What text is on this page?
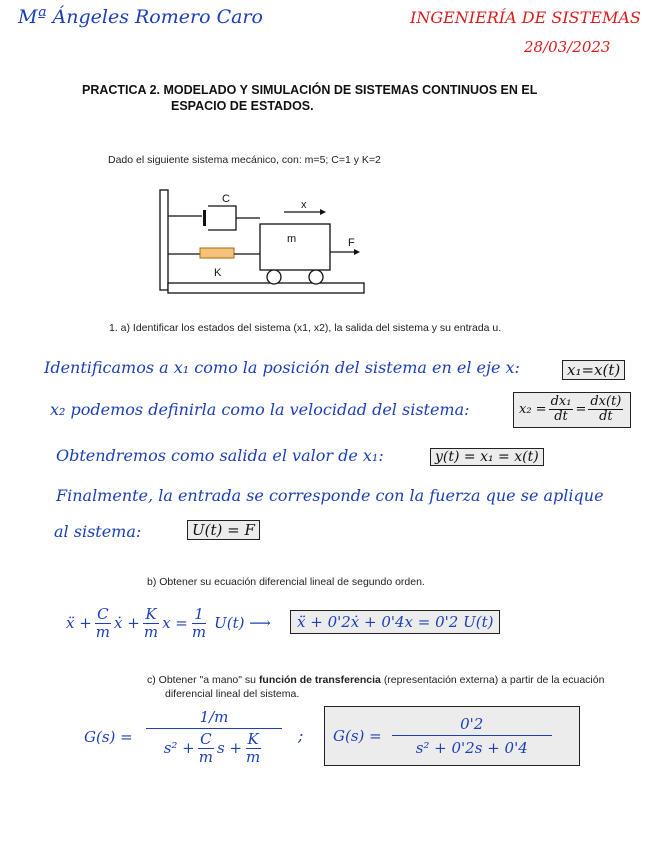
Mª Ángeles Romero Caro	INGENIERÍA DE SISTEMAS
28/03/2023
PRACTICA 2. MODELADO Y SIMULACIÓN DE SISTEMAS CONTINUOS EN EL
ESPACIO DE ESTADOS.
Dado el siguiente sistema mecánico, con: m=5; C=1 y K=2
C	x
m	F
K
1. a) Identificar los estados del sistema (x1, x2), la salida del sistema y su entrada u.
Identificamos a x₁ como la posición del sistema en el eje x:	x₁=x(t)
x₂ podemos definirla como la velocidad del sistema:	$x_2 = \frac{\text{dx₁}}{dt} = \frac{dx(t)}{dt}$
Obtendremos como salida el valor de x₁:	y(t) = x₁ = x(t)
Finalmente, la entrada se corresponde con la fuerza que se aplique
al sistema:	U(t) = F
b) Obtener su ecuación diferencial lineal de segundo orden.
ẍ + $\frac{C}{m}$ ẋ + $\frac{K}{m}$ $x = \frac{1}{m} U(t)$ ⟶	ẍ + 0'2ẋ + 0'4x = 0'2 U(t)
c) Obtener "a mano" su función de transferencia (representación externa) a partir de la ecuación
diferencial lineal del sistema.
G(s) =
1/m
$s^2 + \frac{C}{m}$ $s + \frac{K}{m}$ ; G(s) =
0'2
s² + 0'2s + 0'4
